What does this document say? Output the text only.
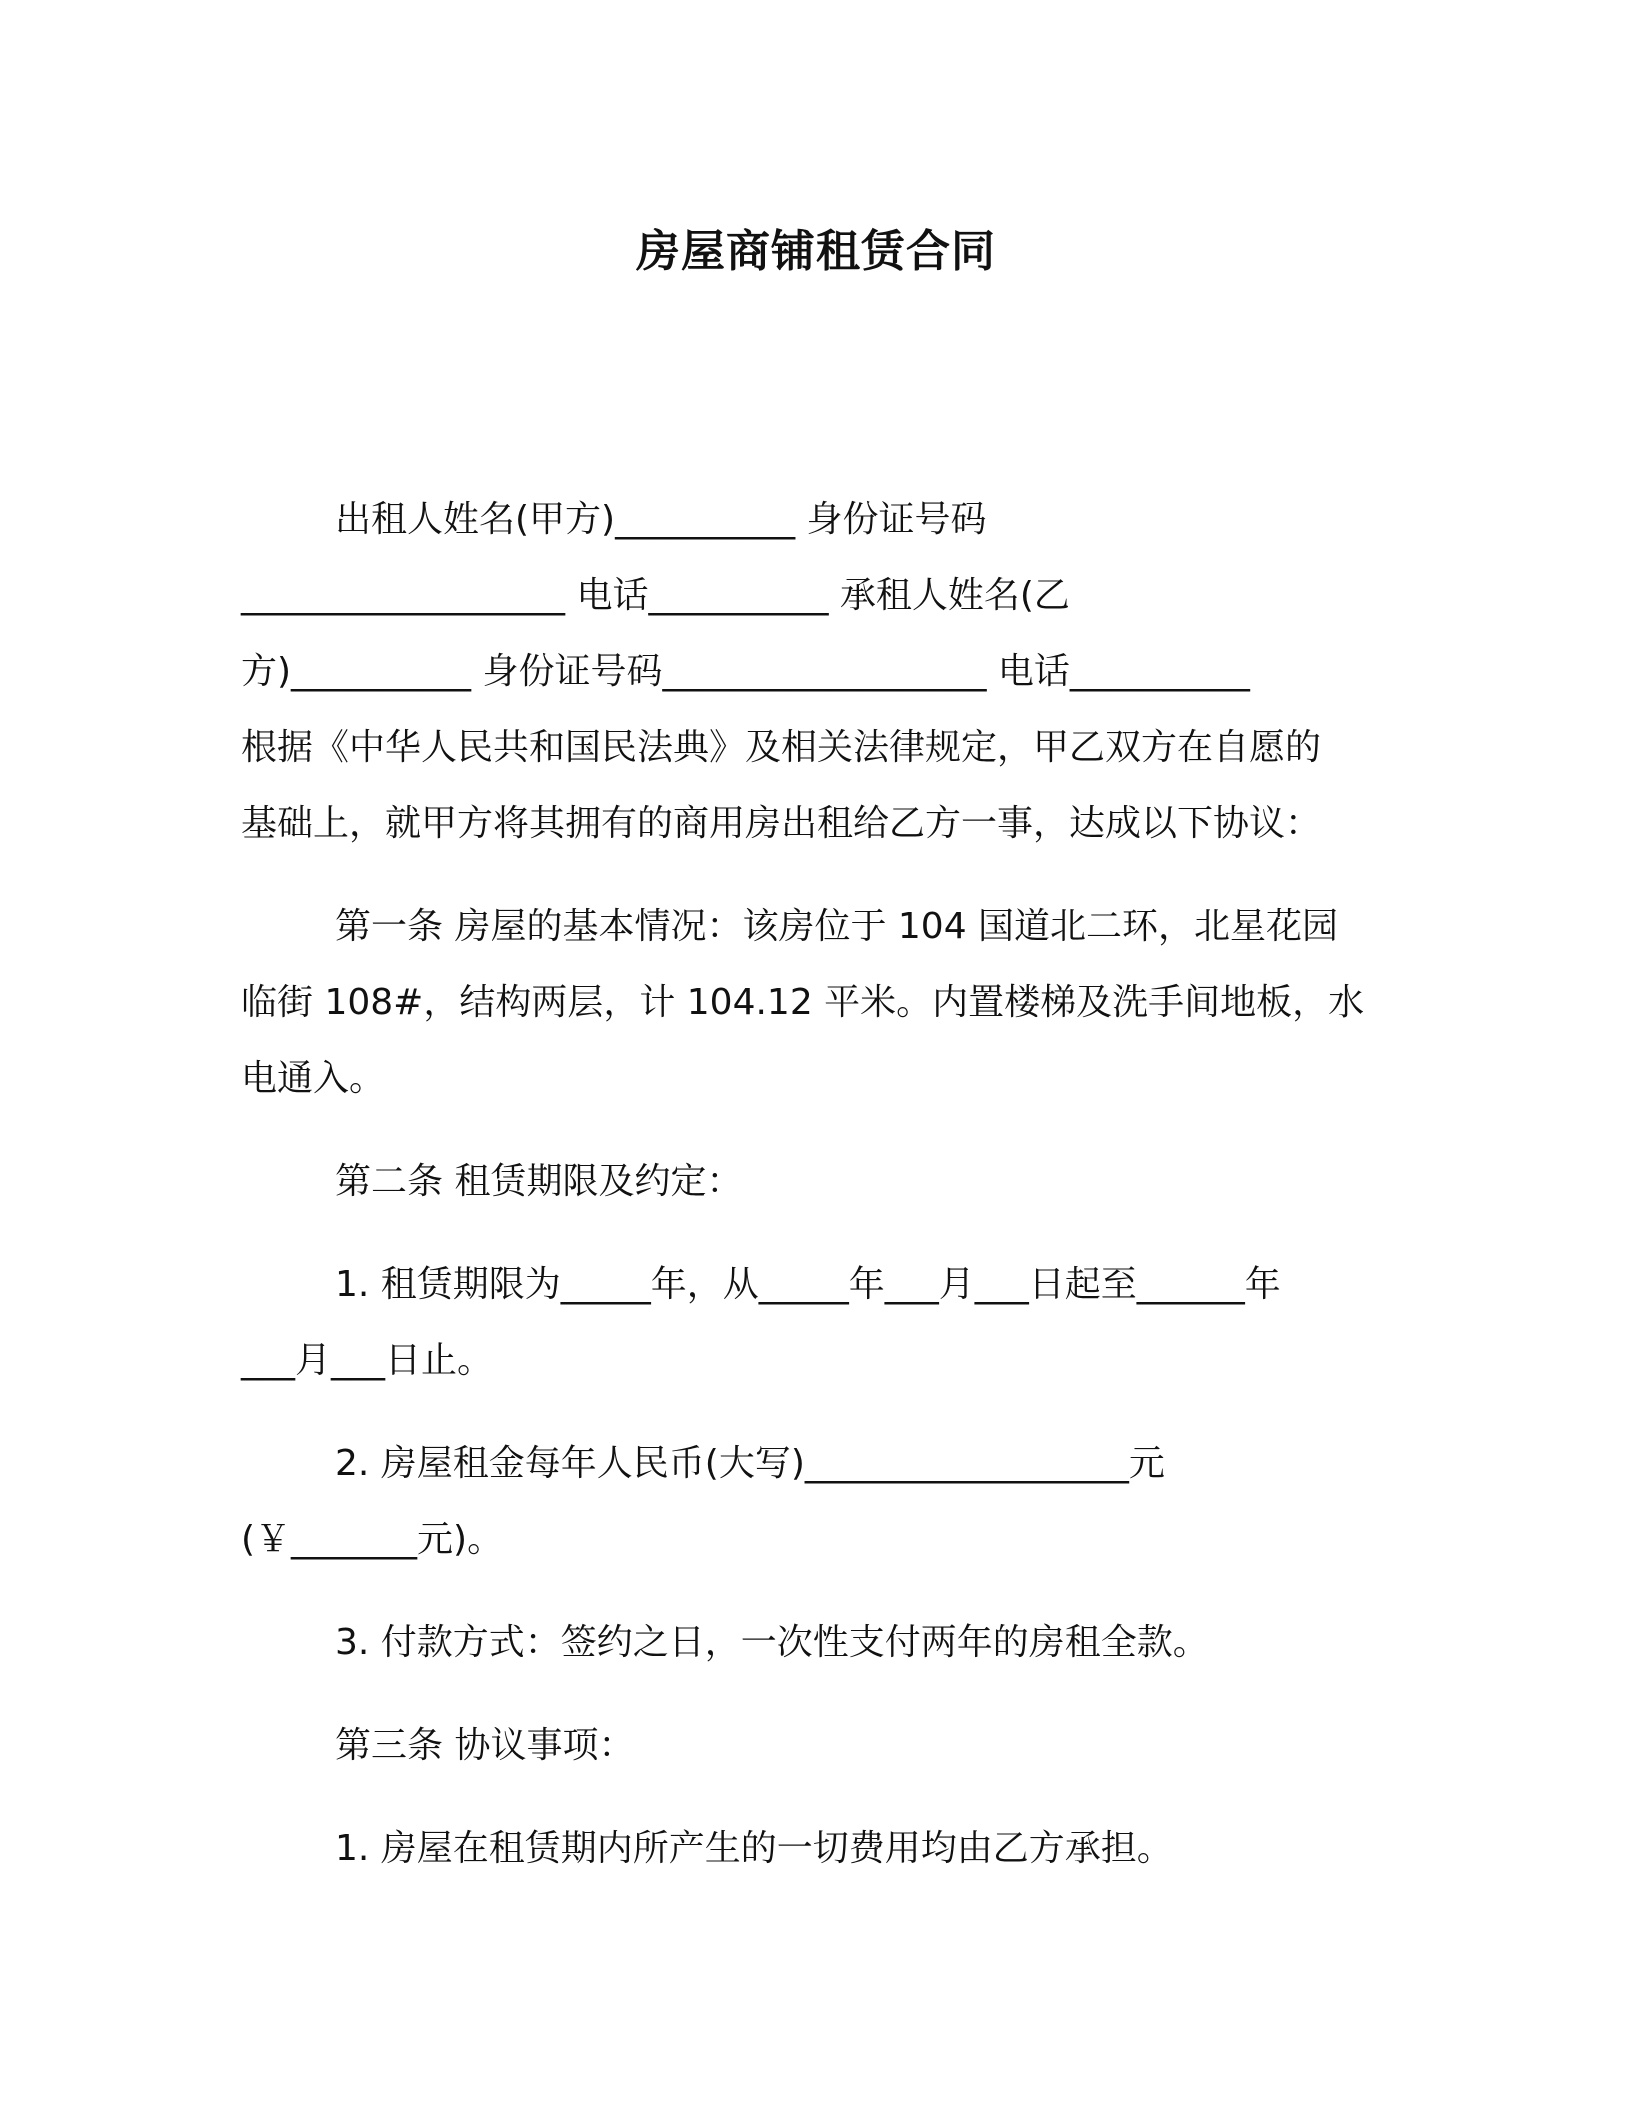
房屋商铺租赁合同

出租人姓名(甲方)__________ 身份证号码

__________________ 电话__________ 承租人姓名(乙

方)__________ 身份证号码__________________ 电话__________

根据《中华人民共和国民法典》及相关法律规定，甲乙双方在自愿的

基础上，就甲方将其拥有的商用房出租给乙方一事，达成以下协议：

第一条 房屋的基本情况：该房位于 104 国道北二环，北星花园

临街 108#，结构两层，计 104.12 平米。内置楼梯及洗手间地板，水

电通入。

第二条 租赁期限及约定：

1. 租赁期限为_____年，从_____年___月___日起至______年

___月___日止。

2. 房屋租金每年人民币(大写)__________________元

(￥_______元)。

3. 付款方式：签约之日，一次性支付两年的房租全款。

第三条 协议事项：

1. 房屋在租赁期内所产生的一切费用均由乙方承担。
